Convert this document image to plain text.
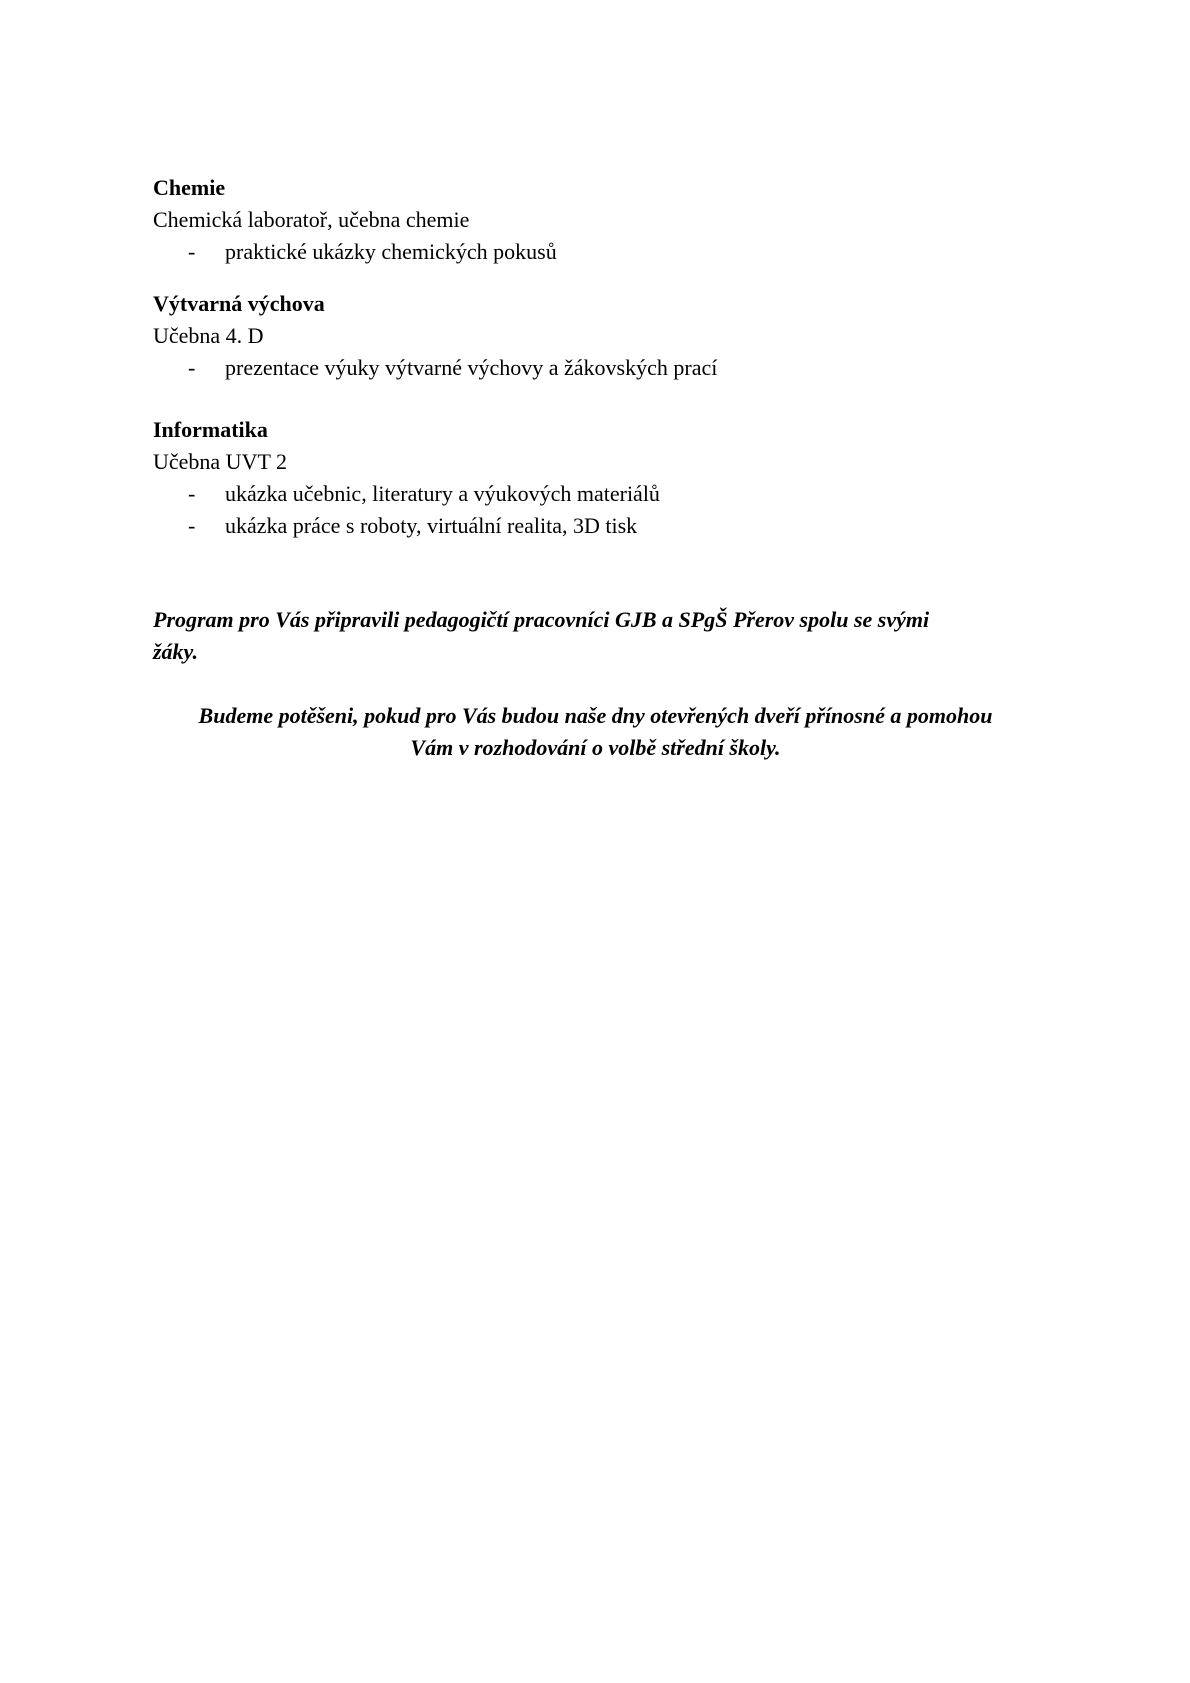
Chemie

Chemická laboratoř, učebna chemie

- praktické ukázky chemických pokusů

Výtvarná výchova

Učebna 4. D

- prezentace výuky výtvarné výchovy a žákovských prací

Informatika

Učebna UVT 2

- ukázka učebnic, literatury a výukových materiálů
- ukázka práce s roboty, virtuální realita, 3D tisk
Program pro Vás připravili pedagogičtí pracovníci GJB a SPgŠ Přerov spolu se svými
žáky.
Budeme potěšeni, pokud pro Vás budou naše dny otevřených dveří přínosné a pomohou
Vám v rozhodování o volbě střední školy.
